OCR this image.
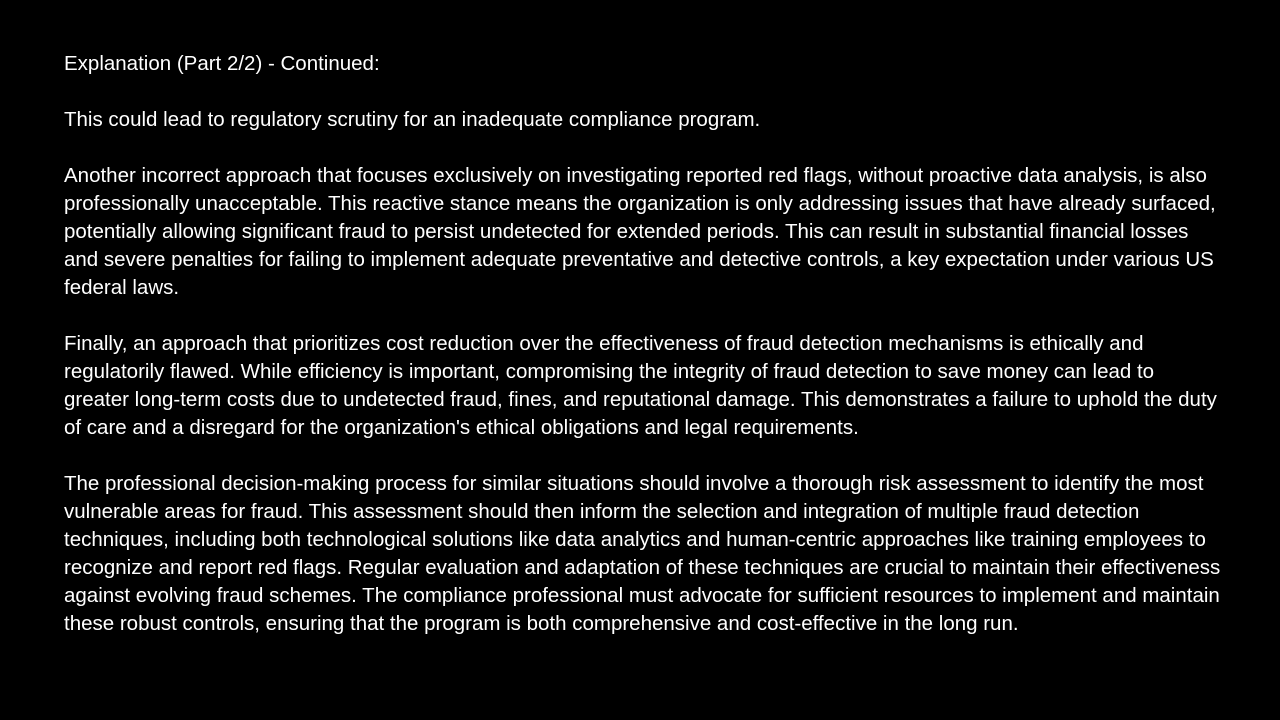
Explanation (Part 2/2) - Continued:

This could lead to regulatory scrutiny for an inadequate compliance program.

Another incorrect approach that focuses exclusively on investigating reported red flags, without proactive data analysis, is also professionally unacceptable. This reactive stance means the organization is only addressing issues that have already surfaced, potentially allowing significant fraud to persist undetected for extended periods. This can result in substantial financial losses and severe penalties for failing to implement adequate preventative and detective controls, a key expectation under various US federal laws.

Finally, an approach that prioritizes cost reduction over the effectiveness of fraud detection mechanisms is ethically and regulatorily flawed. While efficiency is important, compromising the integrity of fraud detection to save money can lead to greater long-term costs due to undetected fraud, fines, and reputational damage. This demonstrates a failure to uphold the duty of care and a disregard for the organization's ethical obligations and legal requirements.

The professional decision-making process for similar situations should involve a thorough risk assessment to identify the most vulnerable areas for fraud. This assessment should then inform the selection and integration of multiple fraud detection techniques, including both technological solutions like data analytics and human-centric approaches like training employees to recognize and report red flags. Regular evaluation and adaptation of these techniques are crucial to maintain their effectiveness against evolving fraud schemes. The compliance professional must advocate for sufficient resources to implement and maintain these robust controls, ensuring that the program is both comprehensive and cost-effective in the long run.
